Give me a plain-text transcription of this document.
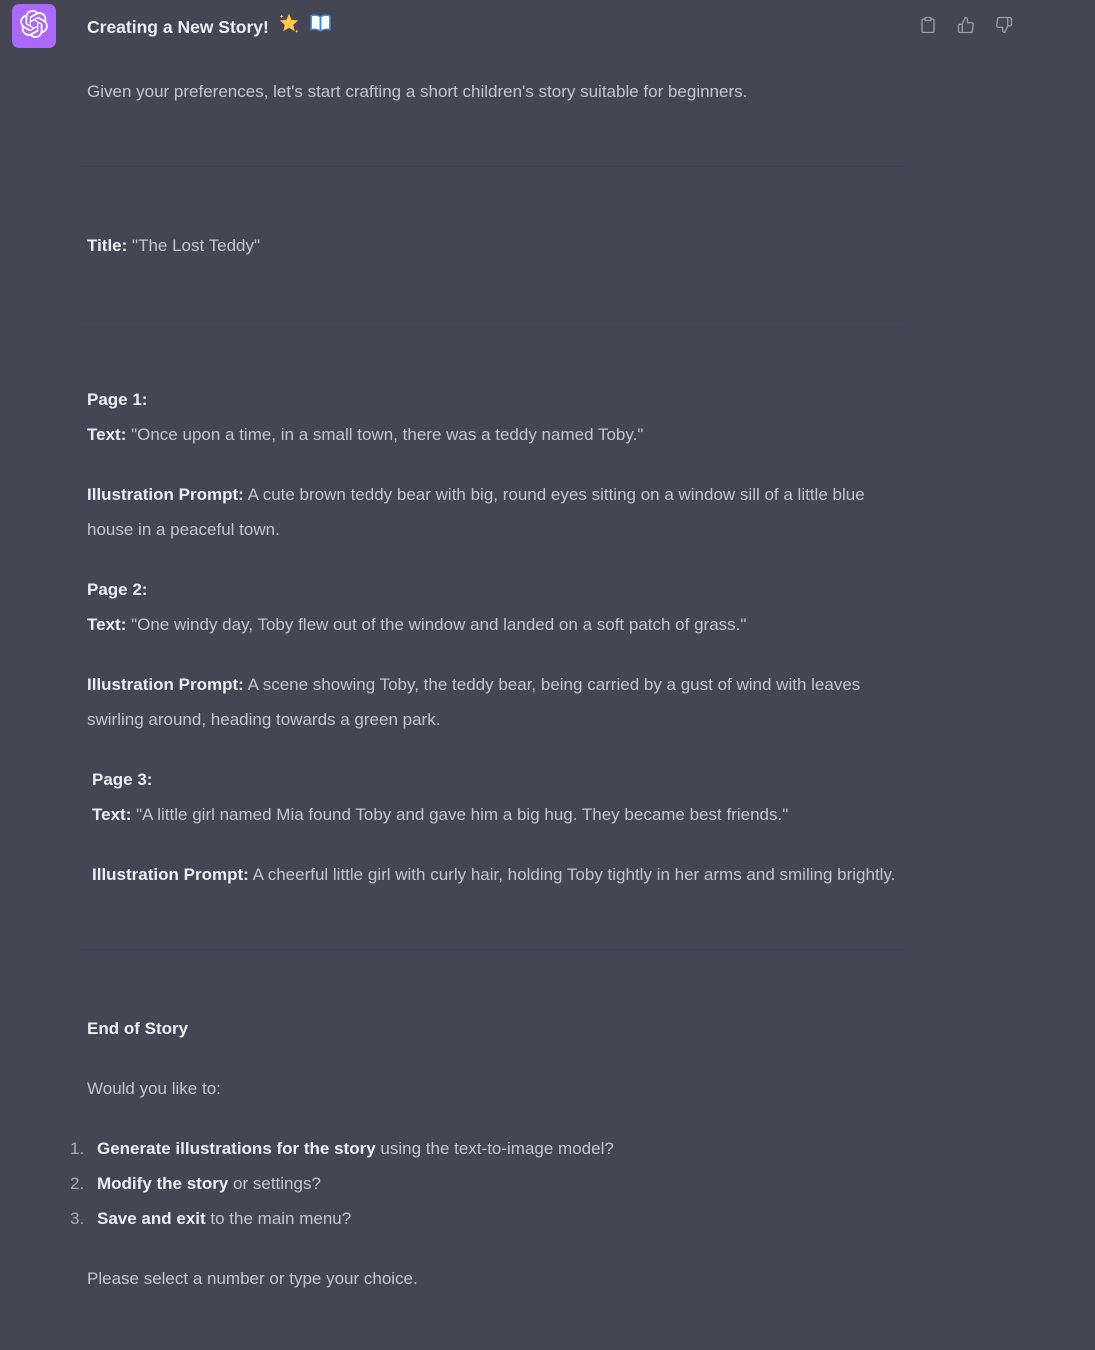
Creating a New Story!

Given your preferences, let's start crafting a short children's story suitable for beginners.

Title: "The Lost Teddy"

Page 1:
Text: "Once upon a time, in a small town, there was a teddy named Toby."

Illustration Prompt: A cute brown teddy bear with big, round eyes sitting on a window sill of a little blue house in a peaceful town.

Page 2:
Text: "One windy day, Toby flew out of the window and landed on a soft patch of grass."

Illustration Prompt: A scene showing Toby, the teddy bear, being carried by a gust of wind with leaves swirling around, heading towards a green park.

Page 3:
Text: "A little girl named Mia found Toby and gave him a big hug. They became best friends."

Illustration Prompt: A cheerful little girl with curly hair, holding Toby tightly in her arms and smiling brightly.

End of Story

Would you like to:

1. Generate illustrations for the story using the text-to-image model?
2. Modify the story or settings?
3. Save and exit to the main menu?

Please select a number or type your choice.
